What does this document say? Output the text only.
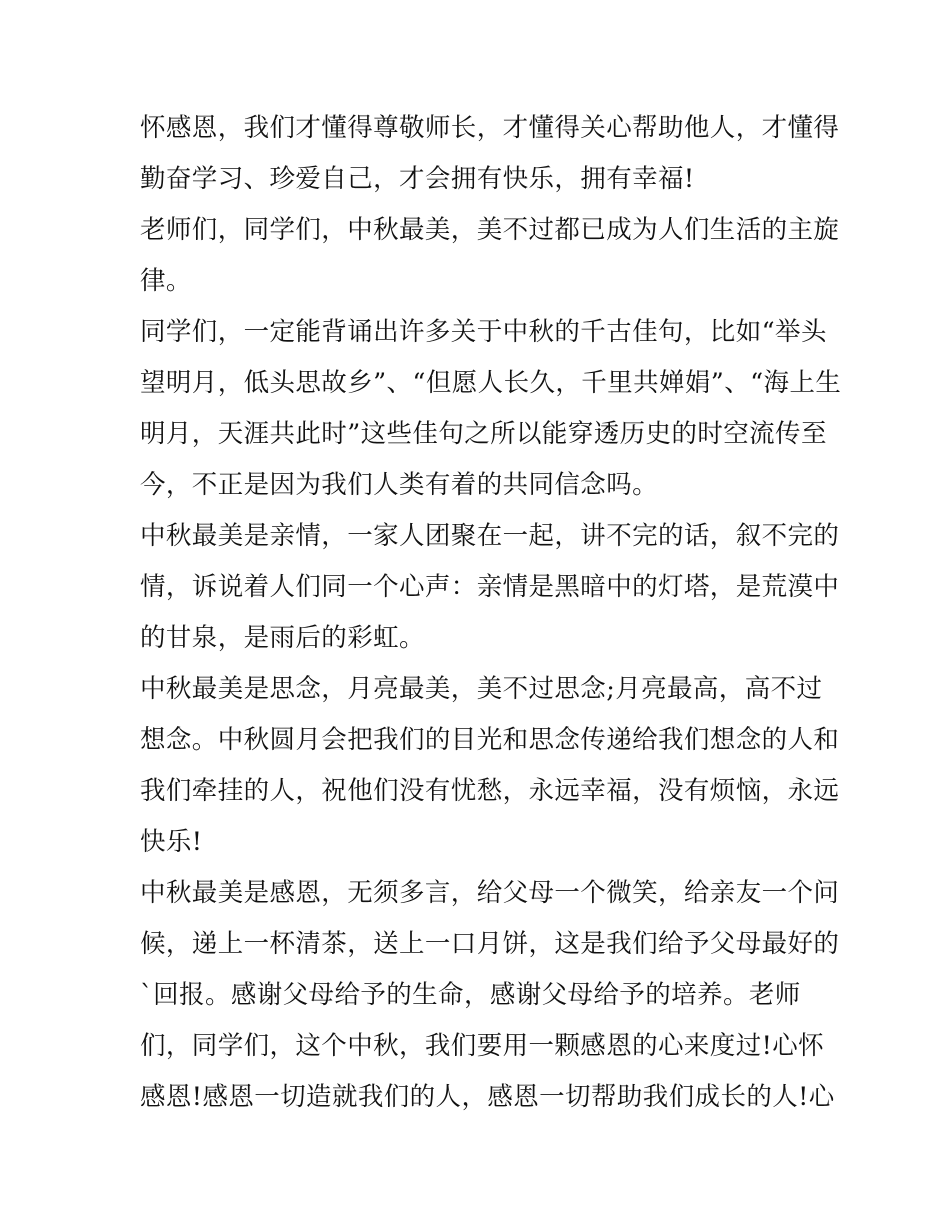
怀感恩，我们才懂得尊敬师长，才懂得关心帮助他人，才懂得
勤奋学习、珍爱自己，才会拥有快乐，拥有幸福!
老师们，同学们，中秋最美，美不过都已成为人们生活的主旋
律。
同学们，一定能背诵出许多关于中秋的千古佳句，比如“举头
望明月，低头思故乡”、“但愿人长久，千里共婵娟”、“海上生
明月，天涯共此时”这些佳句之所以能穿透历史的时空流传至
今，不正是因为我们人类有着的共同信念吗。
中秋最美是亲情，一家人团聚在一起，讲不完的话，叙不完的
情，诉说着人们同一个心声：亲情是黑暗中的灯塔，是荒漠中
的甘泉，是雨后的彩虹。
中秋最美是思念，月亮最美，美不过思念;月亮最高，高不过
想念。中秋圆月会把我们的目光和思念传递给我们想念的人和
我们牵挂的人，祝他们没有忧愁，永远幸福，没有烦恼，永远
快乐!
中秋最美是感恩，无须多言，给父母一个微笑，给亲友一个问
候，递上一杯清茶，送上一口月饼，这是我们给予父母最好的
`回报。感谢父母给予的生命，感谢父母给予的培养。老师
们，同学们，这个中秋，我们要用一颗感恩的心来度过!心怀
感恩!感恩一切造就我们的人，感恩一切帮助我们成长的人!心
